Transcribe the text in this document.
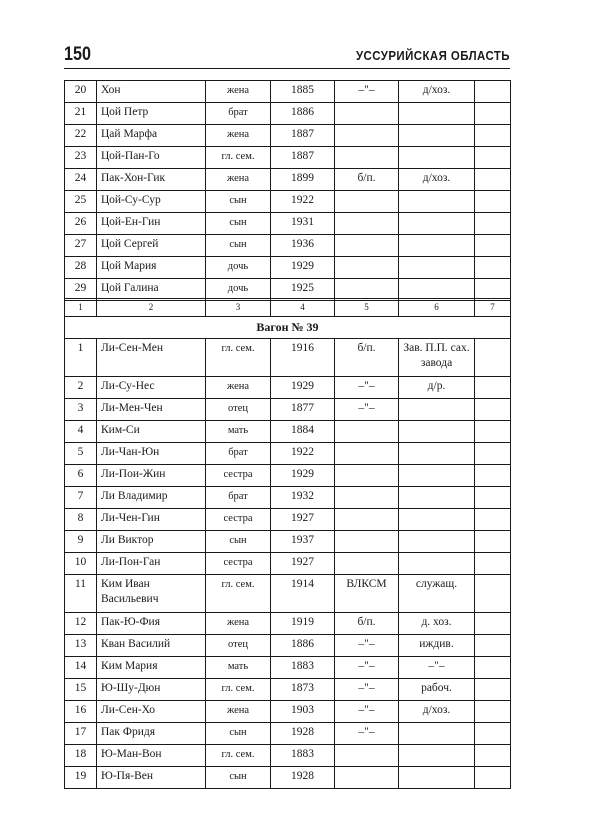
150	УССУРИЙСКАЯ ОБЛАСТЬ
20	Хон	жена	1885	–"–	д/хоз.	
21	Цой Петр	брат	1886			
22	Цай Марфа	жена	1887			
23	Цой-Пан-Го	гл. сем.	1887			
24	Пак-Хон-Гик	жена	1899	б/п.	д/хоз.	
25	Цой-Су-Сур	сын	1922			
26	Цой-Ен-Гин	сын	1931			
27	Цой Сергей	сын	1936			
28	Цой Мария	дочь	1929			
29	Цой Галина	дочь	1925			
1	2	3	4	5	6	7
Вагон № 39						
1	Ли-Сен-Мен	гл. сем.	1916	б/п.	Зав. П.П. сах. завода	
2	Ли-Су-Нес	жена	1929	–"–	д/р.	
3	Ли-Мен-Чен	отец	1877	–"–		
4	Ким-Си	мать	1884			
5	Ли-Чан-Юн	брат	1922			
6	Ли-Пои-Жин	сестра	1929			
7	Ли Владимир	брат	1932			
8	Ли-Чен-Гин	сестра	1927			
9	Ли Виктор	сын	1937			
10	Ли-Пон-Ган	сестра	1927			
11	Ким Иван Васильевич	гл. сем.	1914	ВЛКСМ	служащ.	
12	Пак-Ю-Фия	жена	1919	б/п.	д. хоз.	
13	Кван Василий	отец	1886	–"–	иждив.	
14	Ким Мария	мать	1883	–"–	–"–	
15	Ю-Шу-Дюн	гл. сем.	1873	–"–	рабоч.	
16	Ли-Сен-Хо	жена	1903	–"–	д/хоз.	
17	Пак Фридя	сын	1928	–"–		
18	Ю-Ман-Вон	гл. сем.	1883			
19	Ю-Пя-Вен	сын	1928			
